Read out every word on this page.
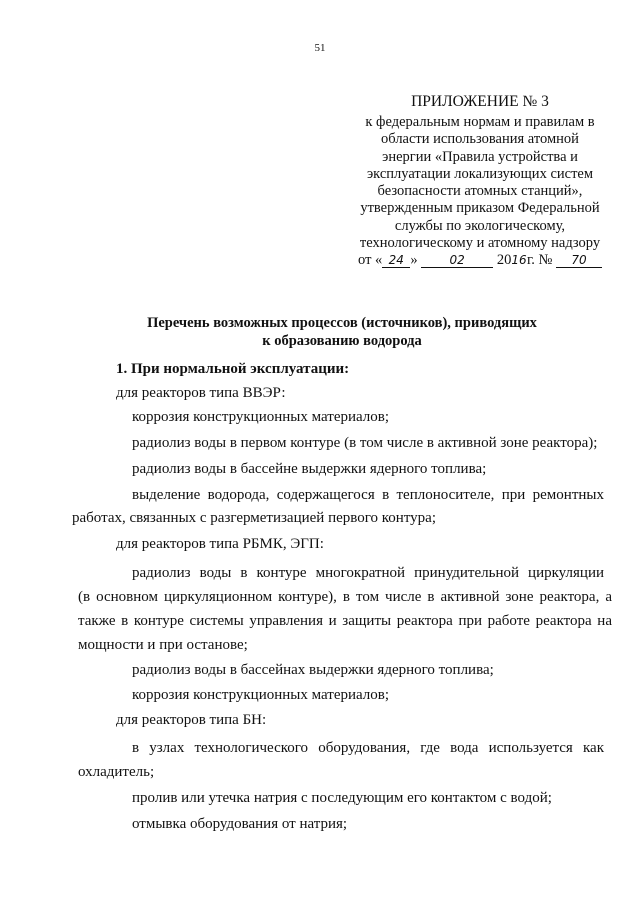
51
ПРИЛОЖЕНИЕ № 3
к федеральным нормам и правилам в
области использования атомной
энергии «Правила устройства и
эксплуатации локализующих систем
безопасности атомных станций»,
утвержденным приказом Федеральной
службы по экологическому,
технологическому и атомному надзору
от « 24 »	02 2016 г. № 70
Перечень возможных процессов (источников), приводящих
к образованию водорода
1. При нормальной эксплуатации:

для реакторов типа ВВЭР:

коррозия конструкционных материалов;

радиолиз воды в первом контуре (в том числе в активной зоне реактора);

радиолиз воды в бассейне выдержки ядерного топлива;

выделение водорода, содержащегося в теплоносителе, при ремонтных

работах, связанных с разгерметизацией первого контура;

для реакторов типа РБМК, ЭГП:

радиолиз воды в контуре многократной принудительной циркуляции

(в основном циркуляционном контуре), в том числе в активной зоне реактора, а

также в контуре системы управления и защиты реактора при работе реактора на

мощности и при останове;

радиолиз воды в бассейнах выдержки ядерного топлива;

коррозия конструкционных материалов;

для реакторов типа БН:

в узлах технологического оборудования, где вода используется как

охладитель;

пролив или утечка натрия с последующим его контактом с водой;

отмывка оборудования от натрия;
